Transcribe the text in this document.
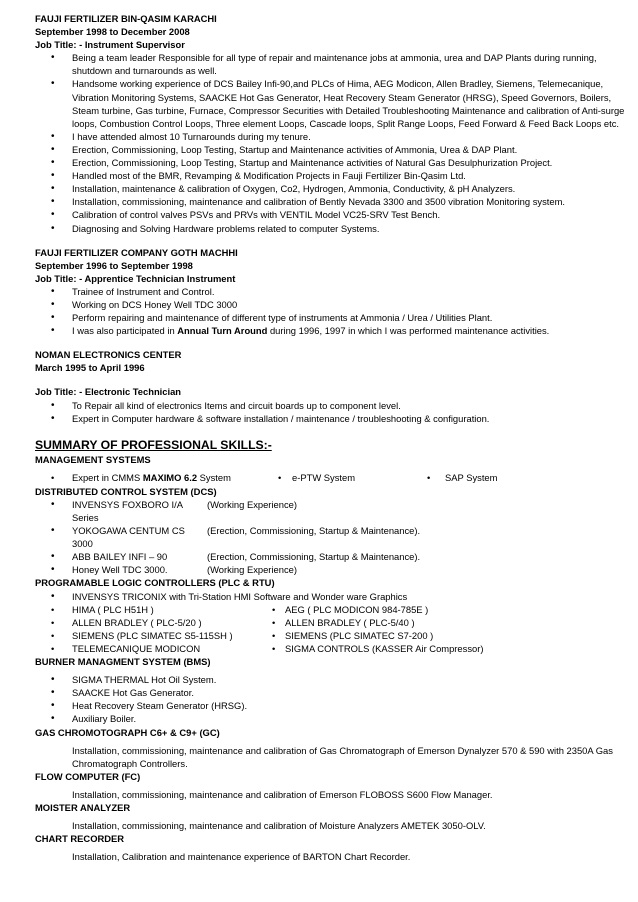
FAUJI FERTILIZER BIN-QASIM KARACHI
September 1998 to December 2008
Job Title: - Instrument Supervisor
• Being a team leader Responsible for all type of repair and maintenance jobs at ammonia, urea and DAP Plants during running, shutdown and turnarounds as well.
• Handsome working experience of DCS Bailey Infi-90,and PLCs of Hima, AEG Modicon, Allen Bradley, Siemens, Telemecanique, Vibration Monitoring Systems, SAACKE Hot Gas Generator, Heat Recovery Steam Generator (HRSG), Speed Governors, Boilers, Steam turbine, Gas turbine, Furnace, Compressor Securities with Detailed Troubleshooting Maintenance and calibration of Anti-surge loops, Combustion Control Loops, Three element Loops, Cascade loops, Split Range Loops, Feed Forward & Feed Back Loops etc.
• I have attended almost 10 Turnarounds during my tenure.
• Erection, Commissioning, Loop Testing, Startup and Maintenance activities of Ammonia, Urea & DAP Plant.
• Erection, Commissioning, Loop Testing, Startup and Maintenance activities of Natural Gas Desulphurization Project.
• Handled most of the BMR, Revamping & Modification Projects in Fauji Fertilizer Bin-Qasim Ltd.
• Installation, maintenance & calibration of Oxygen, Co2, Hydrogen, Ammonia, Conductivity, & pH Analyzers.
• Installation, commissioning, maintenance and calibration of Bently Nevada 3300 and 3500 vibration Monitoring system.
• Calibration of control valves PSVs and PRVs with VENTIL Model VC25-SRV Test Bench.
• Diagnosing and Solving Hardware problems related to computer Systems.
FAUJI FERTILIZER COMPANY GOTH MACHHI
September 1996 to September 1998
Job Title: - Apprentice Technician Instrument
• Trainee of Instrument and Control.
• Working on DCS Honey Well TDC 3000
• Perform repairing and maintenance of different type of instruments at Ammonia / Urea / Utilities Plant.
• I was also participated in Annual Turn Around during 1996, 1997 in which I was performed maintenance activities.
NOMAN ELECTRONICS CENTER
March 1995 to April 1996
Job Title: - Electronic Technician
• To Repair all kind of electronics Items and circuit boards up to component level.
• Expert in Computer hardware & software installation / maintenance / troubleshooting & configuration.
SUMMARY OF PROFESSIONAL SKILLS:-
MANAGEMENT SYSTEMS
• Expert in CMMS MAXIMO 6.2 System	• e-PTW System	• SAP System
DISTRIBUTED CONTROL SYSTEM (DCS)
• INVENSYS FOXBORO I/A Series
(Working Experience)
• YOKOGAWA CENTUM CS 3000
(Erection, Commissioning, Startup & Maintenance).
• ABB BAILEY INFI – 90	(Erection, Commissioning, Startup & Maintenance).
• Honey Well TDC 3000.	(Working Experience)
PROGRAMABLE LOGIC CONTROLLERS (PLC & RTU)
• INVENSYS TRICONIX with Tri-Station HMI Software and Wonder ware Graphics
• HIMA ( PLC H51H )	• AEG ( PLC MODICON 984-785E )
• ALLEN BRADLEY ( PLC-5/20 )	• ALLEN BRADLEY ( PLC-5/40 )
• SIEMENS (PLC SIMATEC S5-115SH )	• SIEMENS (PLC SIMATEC S7-200 )
• TELEMECANIQUE MODICON	• SIGMA CONTROLS (KASSER Air Compressor)
BURNER MANAGMENT SYSTEM (BMS)
• SIGMA THERMAL Hot Oil System.
• SAACKE Hot Gas Generator.
• Heat Recovery Steam Generator (HRSG).
• Auxiliary Boiler.
GAS CHROMOTOGRAPH C6+ & C9+ (GC)
Installation, commissioning, maintenance and calibration of Gas Chromatograph of Emerson Dynalyzer 570 & 590 with 2350A Gas Chromatograph Controllers.
FLOW COMPUTER (FC)
Installation, commissioning, maintenance and calibration of Emerson FLOBOSS S600 Flow Manager.
MOISTER ANALYZER
Installation, commissioning, maintenance and calibration of Moisture Analyzers AMETEK 3050-OLV.
CHART RECORDER
Installation, Calibration and maintenance experience of BARTON Chart Recorder.
